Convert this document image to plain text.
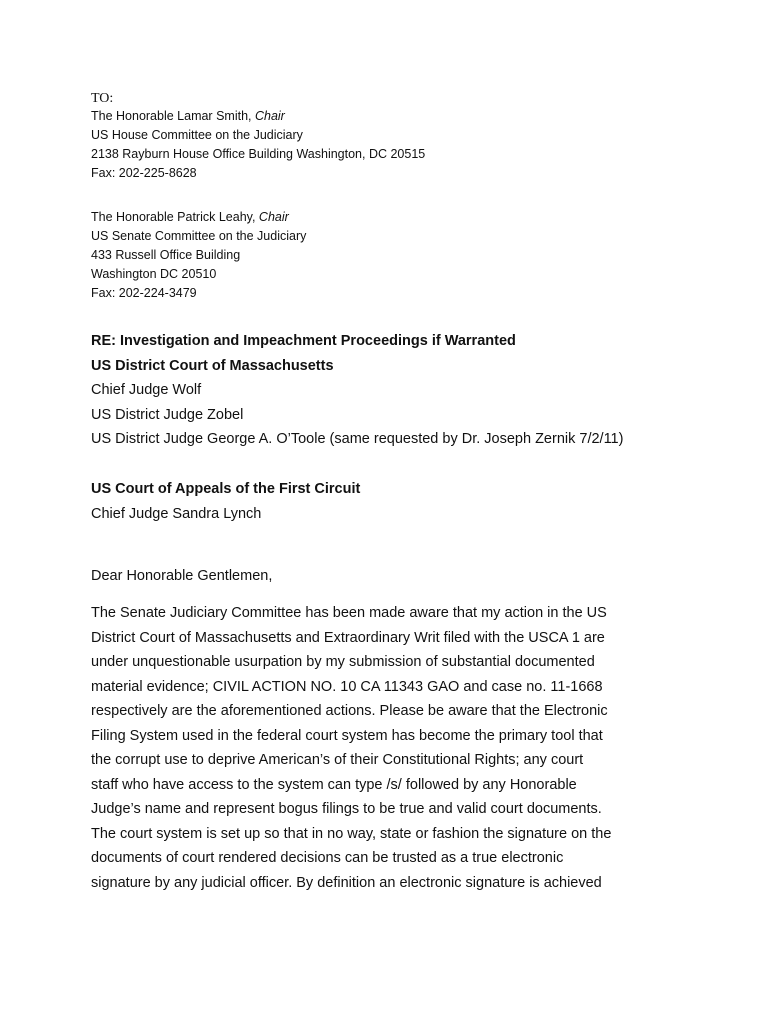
TO:
The Honorable Lamar Smith, Chair
US House Committee on the Judiciary
2138 Rayburn House Office Building Washington, DC 20515
Fax: 202-225-8628
The Honorable Patrick Leahy, Chair
US Senate Committee on the Judiciary
433 Russell Office Building
Washington DC 20510
Fax: 202-224-3479
RE: Investigation and Impeachment Proceedings if Warranted
US District Court of Massachusetts
Chief Judge Wolf
US District Judge Zobel
US District Judge George A. O’Toole (same requested by Dr. Joseph Zernik 7/2/11)
US Court of Appeals of the First Circuit
Chief Judge Sandra Lynch
Dear Honorable Gentlemen,
The Senate Judiciary Committee has been made aware that my action in the US
District Court of Massachusetts and Extraordinary Writ filed with the USCA 1 are
under unquestionable usurpation by my submission of substantial documented
material evidence; CIVIL ACTION NO. 10 CA 11343 GAO and case no. 11-1668
respectively are the aforementioned actions. Please be aware that the Electronic
Filing System used in the federal court system has become the primary tool that
the corrupt use to deprive American’s of their Constitutional Rights; any court
staff who have access to the system can type /s/ followed by any Honorable
Judge’s name and represent bogus filings to be true and valid court documents.
The court system is set up so that in no way, state or fashion the signature on the
documents of court rendered decisions can be trusted as a true electronic
signature by any judicial officer. By definition an electronic signature is achieved
